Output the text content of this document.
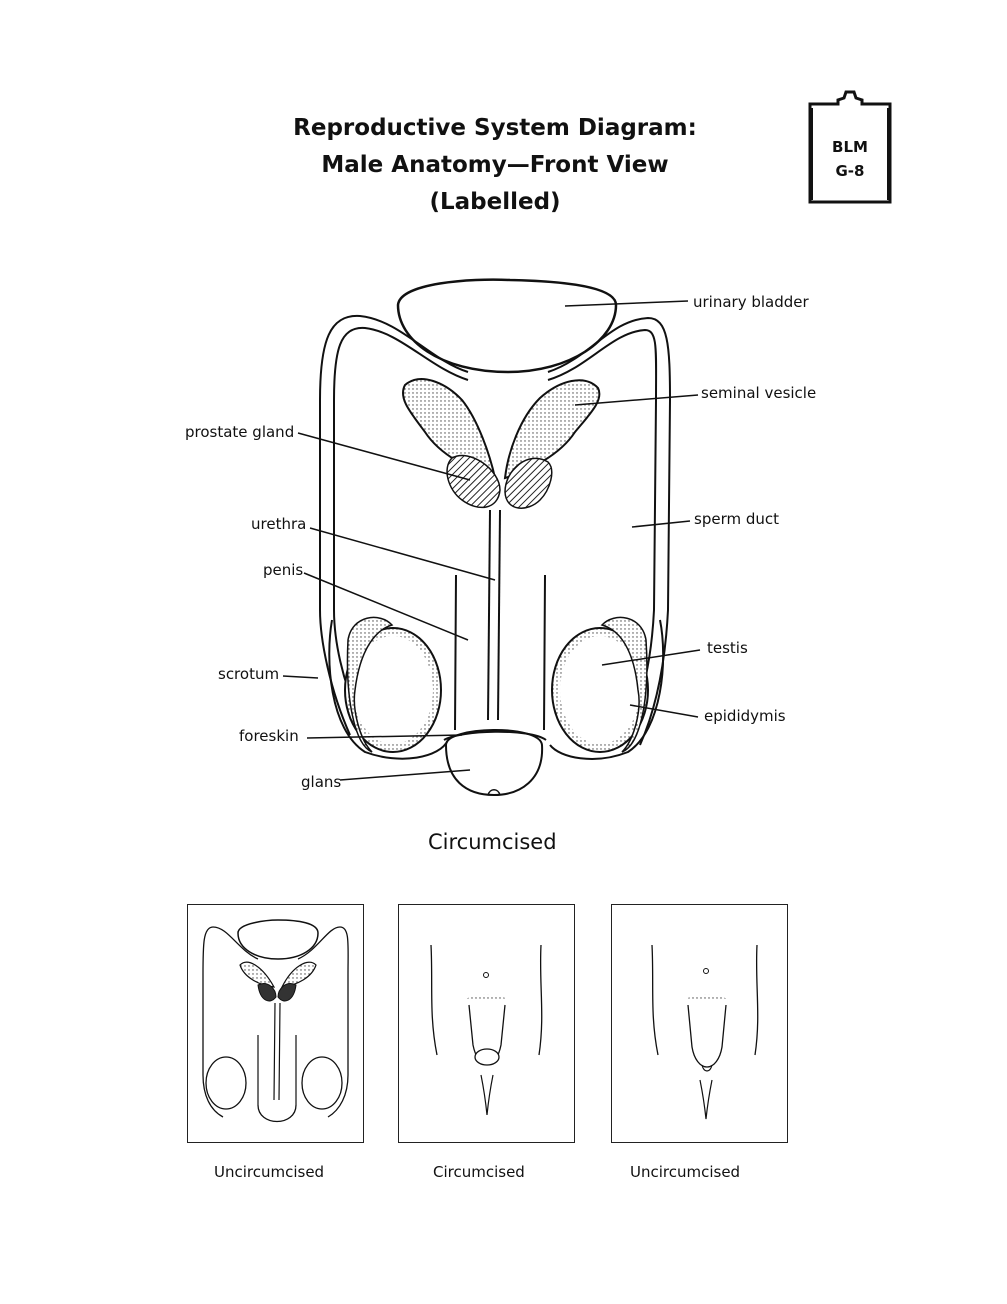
Reproductive System Diagram:
Male Anatomy—Front View
(Labelled)
BLM
G-8
urinary bladder
seminal vesicle
prostate gland
sperm duct
urethra
penis
testis
scrotum
epididymis
foreskin
glans
Circumcised
Uncircumcised	Circumcised	Uncircumcised
